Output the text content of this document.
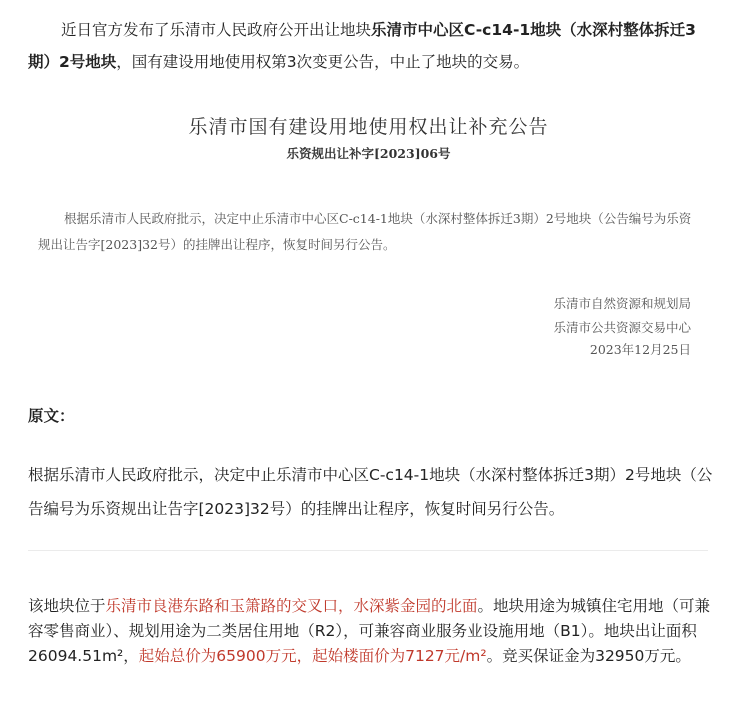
近日官方发布了乐清市人民政府公开出让地块乐清市中心区C-c14-1地块（水深村整体拆迁3期）2号地块，国有建设用地使用权第3次变更公告，中止了地块的交易。

乐清市国有建设用地使用权出让补充公告

乐资规出让补字[2023]06号

根据乐清市人民政府批示，决定中止乐清市中心区C-c14-1地块（水深村整体拆迁3期）2号地块（公告编号为乐资规出让告字[2023]32号）的挂牌出让程序，恢复时间另行公告。

乐清市自然资源和规划局

乐清市公共资源交易中心

2023年12月25日

原文：

根据乐清市人民政府批示，决定中止乐清市中心区C-c14-1地块（水深村整体拆迁3期）2号地块（公告编号为乐资规出让告字[2023]32号）的挂牌出让程序，恢复时间另行公告。

该地块位于乐清市良港东路和玉箫路的交叉口，水深紫金园的北面。地块用途为城镇住宅用地（可兼容零售商业）、规划用途为二类居住用地（R2），可兼容商业服务业设施用地（B1）。地块出让面积26094.51m²，起始总价为65900万元，起始楼面价为7127元/m²。竞买保证金为32950万元。
